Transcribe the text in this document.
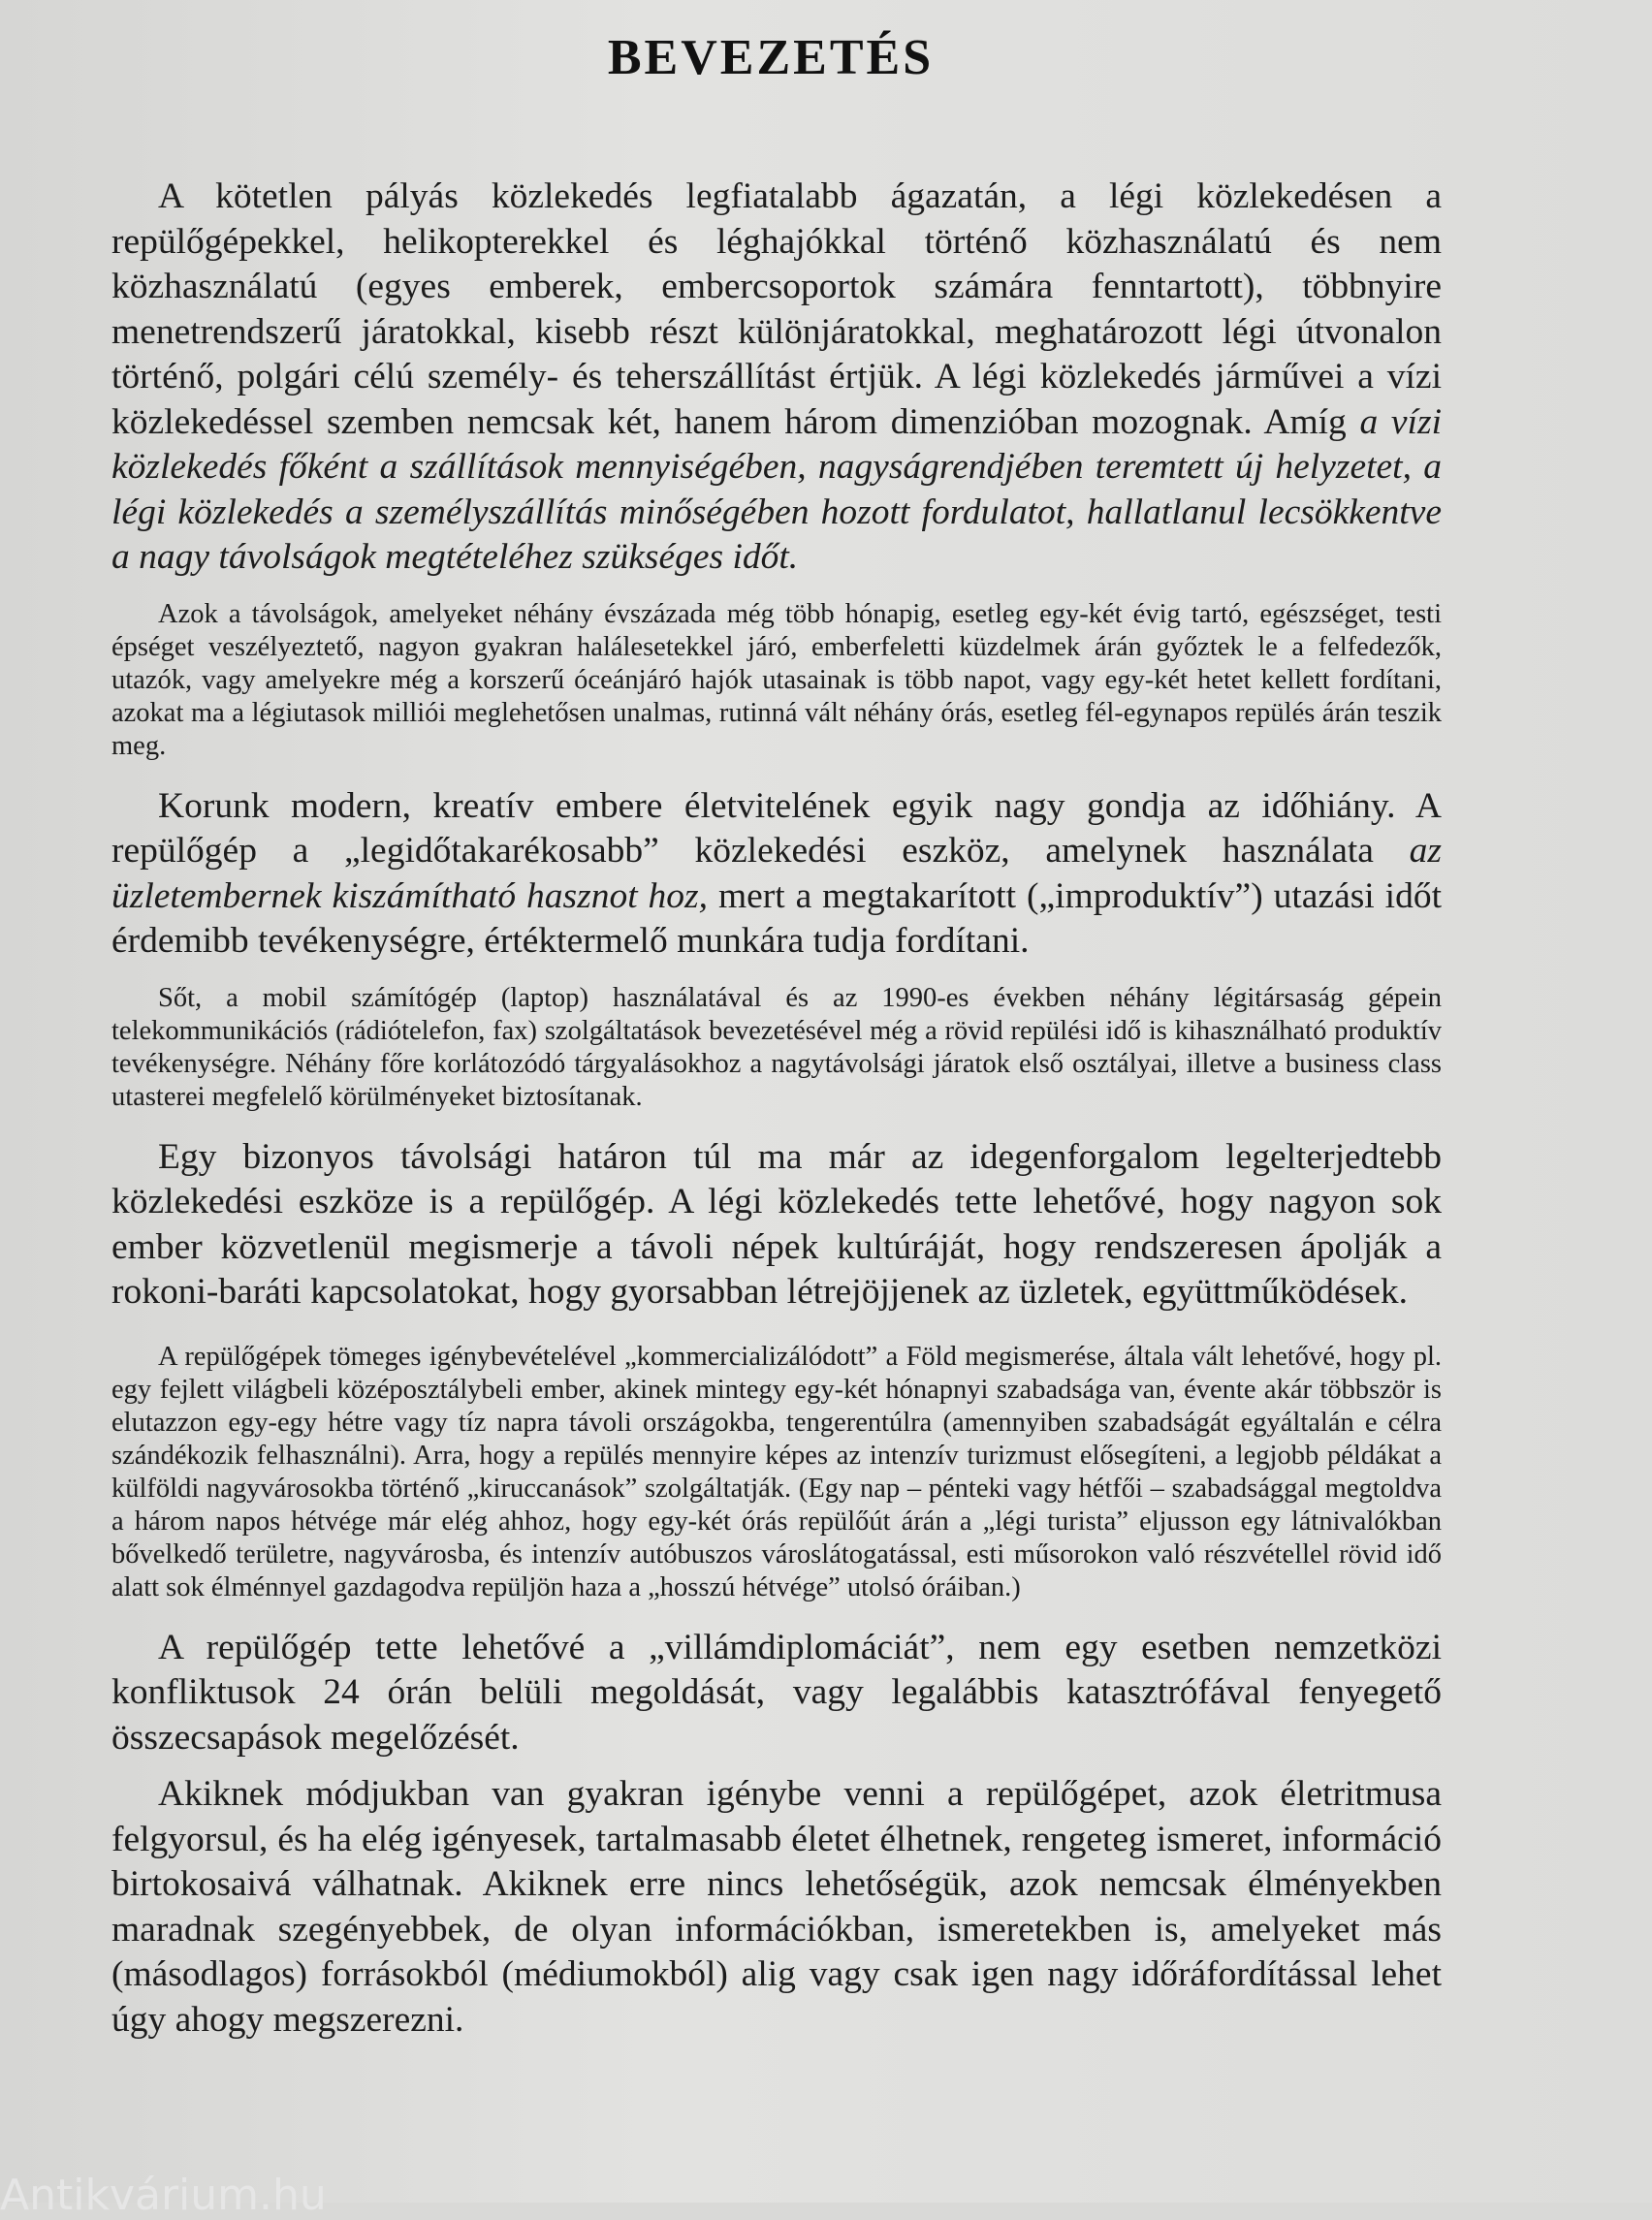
BEVEZETÉS

A kötetlen pályás közlekedés legfiatalabb ágazatán, a légi közlekedésen a repülőgépekkel, helikopterekkel és léghajókkal történő közhasználatú és nem közhasználatú (egyes emberek, embercsoportok számára fenntartott), többnyire menetrendszerű járatokkal, kisebb részt különjáratokkal, meghatározott légi útvonalon történő, polgári célú személy- és teherszállítást értjük. A légi közlekedés járművei a vízi közlekedéssel szemben nemcsak két, hanem három dimenzióban mozognak. Amíg a vízi közlekedés főként a szállítások mennyiségében, nagyságrendjében teremtett új helyzetet, a légi közlekedés a személyszállítás minőségében hozott fordulatot, hallatlanul lecsökkentve a nagy távolságok megtételéhez szükséges időt.

Azok a távolságok, amelyeket néhány évszázada még több hónapig, esetleg egy-két évig tartó, egészséget, testi épséget veszélyeztető, nagyon gyakran halálesetekkel járó, emberfeletti küzdelmek árán győztek le a felfedezők, utazók, vagy amelyekre még a korszerű óceánjáró hajók utasainak is több napot, vagy egy-két hetet kellett fordítani, azokat ma a légiutasok milliói meglehetősen unalmas, rutinná vált néhány órás, esetleg fél-egynapos repülés árán teszik meg.

Korunk modern, kreatív embere életvitelének egyik nagy gondja az időhiány. A repülőgép a „legidőtakarékosabb” közlekedési eszköz, amelynek használata az üzletembernek kiszámítható hasznot hoz, mert a megtakarított („improduktív”) utazási időt érdemibb tevékenységre, értéktermelő munkára tudja fordítani.

Sőt, a mobil számítógép (laptop) használatával és az 1990-es években néhány légitársaság gépein telekommunikációs (rádiótelefon, fax) szolgáltatások bevezetésével még a rövid repülési idő is kihasználható produktív tevékenységre. Néhány főre korlátozódó tárgyalásokhoz a nagytávolsági járatok első osztályai, illetve a business class utasterei megfelelő körülményeket biztosítanak.

Egy bizonyos távolsági határon túl ma már az idegenforgalom legelterjedtebb közlekedési eszköze is a repülőgép. A légi közlekedés tette lehetővé, hogy nagyon sok ember közvetlenül megismerje a távoli népek kultúráját, hogy rendszeresen ápolják a rokoni-baráti kapcsolatokat, hogy gyorsabban létrejöjjenek az üzletek, együttműködések.

A repülőgépek tömeges igénybevételével „kommercializálódott” a Föld megismerése, általa vált lehetővé, hogy pl. egy fejlett világbeli középosztálybeli ember, akinek mintegy egy-két hónapnyi szabadsága van, évente akár többször is elutazzon egy-egy hétre vagy tíz napra távoli országokba, tengerentúlra (amennyiben szabadságát egyáltalán e célra szándékozik felhasználni). Arra, hogy a repülés mennyire képes az intenzív turizmust elősegíteni, a legjobb példákat a külföldi nagyvárosokba történő „kiruccanások” szolgáltatják. (Egy nap – pénteki vagy hétfői – szabadsággal megtoldva a három napos hétvége már elég ahhoz, hogy egy-két órás repülőút árán a „légi turista” eljusson egy látnivalókban bővelkedő területre, nagyvárosba, és intenzív autóbuszos városlátogatással, esti műsorokon való részvétellel rövid idő alatt sok élménnyel gazdagodva repüljön haza a „hosszú hétvége” utolsó óráiban.)

A repülőgép tette lehetővé a „villámdiplomáciát”, nem egy esetben nemzetközi konfliktusok 24 órán belüli megoldását, vagy legalábbis katasztrófával fenyegető összecsapások megelőzését.

Akiknek módjukban van gyakran igénybe venni a repülőgépet, azok életritmusa felgyorsul, és ha elég igényesek, tartalmasabb életet élhetnek, rengeteg ismeret, információ birtokosaivá válhatnak. Akiknek erre nincs lehetőségük, azok nemcsak élményekben maradnak szegényebbek, de olyan információkban, ismeretekben is, amelyeket más (másodlagos) forrásokból (médiumokból) alig vagy csak igen nagy időráfordítással lehet úgy ahogy megszerezni.

Antikvárium.hu
